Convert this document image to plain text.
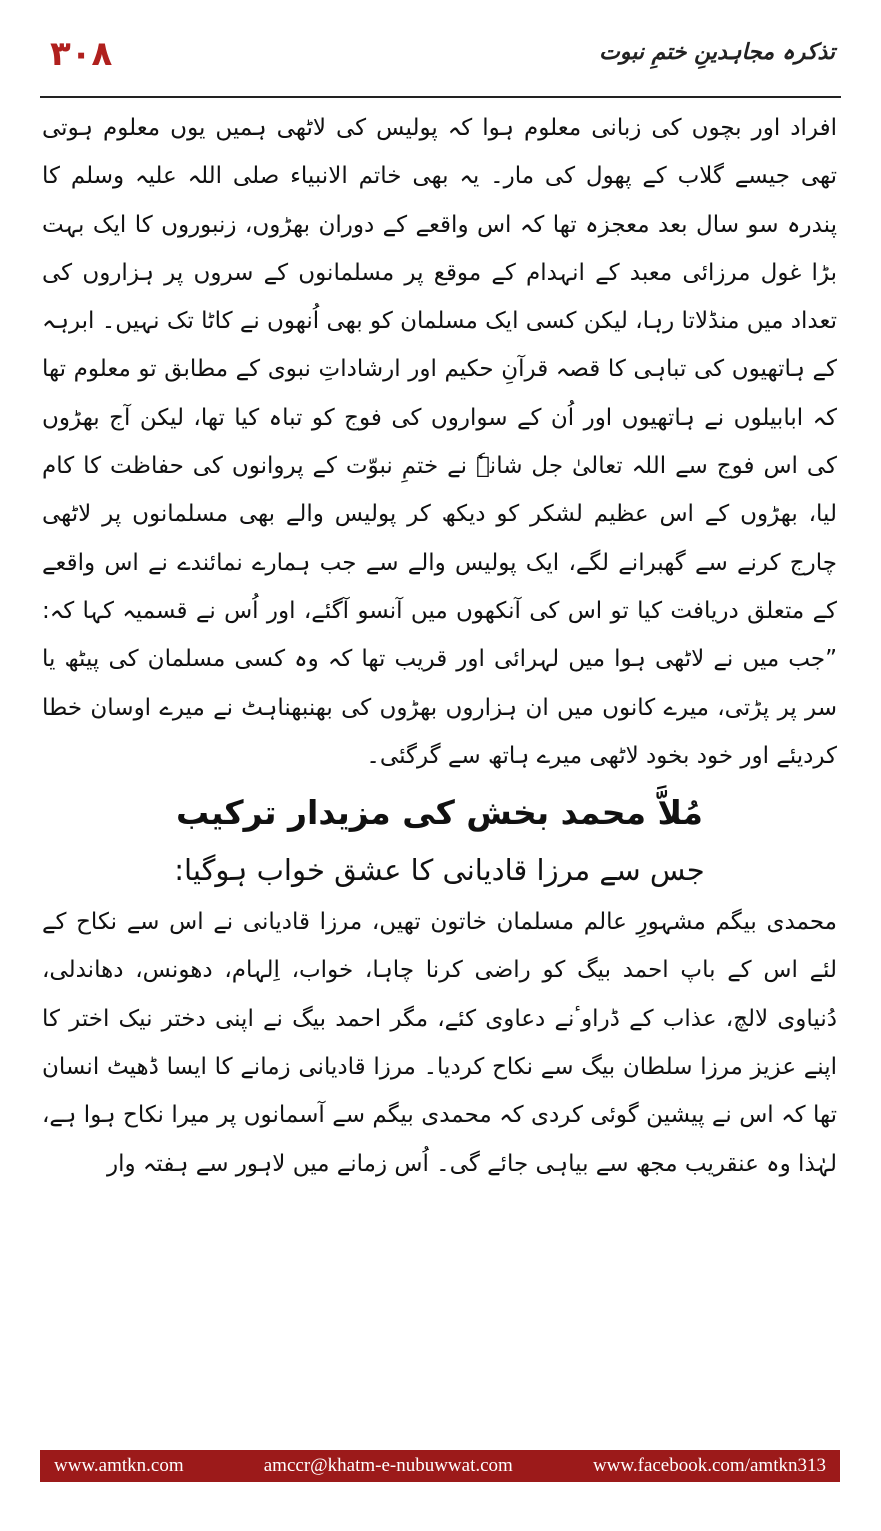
۳۰۸	تذکرہ مجاہدینِ ختمِ نبوت

افراد اور بچوں کی زبانی معلوم ہوا کہ پولیس کی لاٹھی ہمیں یوں معلوم ہوتی تھی جیسے گلاب کے پھول کی مار۔ یہ بھی خاتم الانبیاء صلی اللہ علیہ وسلم کا پندرہ سو سال بعد معجزہ تھا کہ اس واقعے کے دوران بھڑوں، زنبوروں کا ایک بہت بڑا غول مرزائی معبد کے انہدام کے موقع پر مسلمانوں کے سروں پر ہزاروں کی تعداد میں منڈلاتا رہا، لیکن کسی ایک مسلمان کو بھی اُنھوں نے کاٹا تک نہیں۔ ابرہہ کے ہاتھیوں کی تباہی کا قصہ قرآنِ حکیم اور ارشاداتِ نبوی کے مطابق تو معلوم تھا کہ ابابیلوں نے ہاتھیوں اور اُن کے سواروں کی فوج کو تباہ کیا تھا، لیکن آج بھڑوں کی اس فوج سے اللہ تعالیٰ جل شانہٗ نے ختمِ نبوّت کے پروانوں کی حفاظت کا کام لیا، بھڑوں کے اس عظیم لشکر کو دیکھ کر پولیس والے بھی مسلمانوں پر لاٹھی چارج کرنے سے گھبرانے لگے، ایک پولیس والے سے جب ہمارے نمائندے نے اس واقعے کے متعلق دریافت کیا تو اس کی آنکھوں میں آنسو آگئے، اور اُس نے قسمیہ کہا کہ: ”جب میں نے لاٹھی ہوا میں لہرائی اور قریب تھا کہ وہ کسی مسلمان کی پیٹھ یا سر پر پڑتی، میرے کانوں میں ان ہزاروں بھڑوں کی بھنبھناہٹ نے میرے اوسان خطا کردیئے اور خود بخود لاٹھی میرے ہاتھ سے گرگئی۔

مُلاَّ محمد بخش کی مزیدار ترکیب
جس سے مرزا قادیانی کا عشق خواب ہوگیا:

محمدی بیگم مشہورِ عالم مسلمان خاتون تھیں، مرزا قادیانی نے اس سے نکاح کے لئے اس کے باپ احمد بیگ کو راضی کرنا چاہا، خواب، اِلہام، دھونس، دھاندلی، دُنیاوی لالچ، عذاب کے ڈراوٴنے دعاوی کئے، مگر احمد بیگ نے اپنی دختر نیک اختر کا اپنے عزیز مرزا سلطان بیگ سے نکاح کردیا۔ مرزا قادیانی زمانے کا ایسا ڈھیٹ انسان تھا کہ اس نے پیشین گوئی کردی کہ محمدی بیگم سے آسمانوں پر میرا نکاح ہوا ہے، لہٰذا وہ عنقریب مجھ سے بیاہی جائے گی۔ اُس زمانے میں لاہور سے ہفتہ وار

www.amtkn.com	amccr@khatm-e-nubuwwat.com	www.facebook.com/amtkn313
